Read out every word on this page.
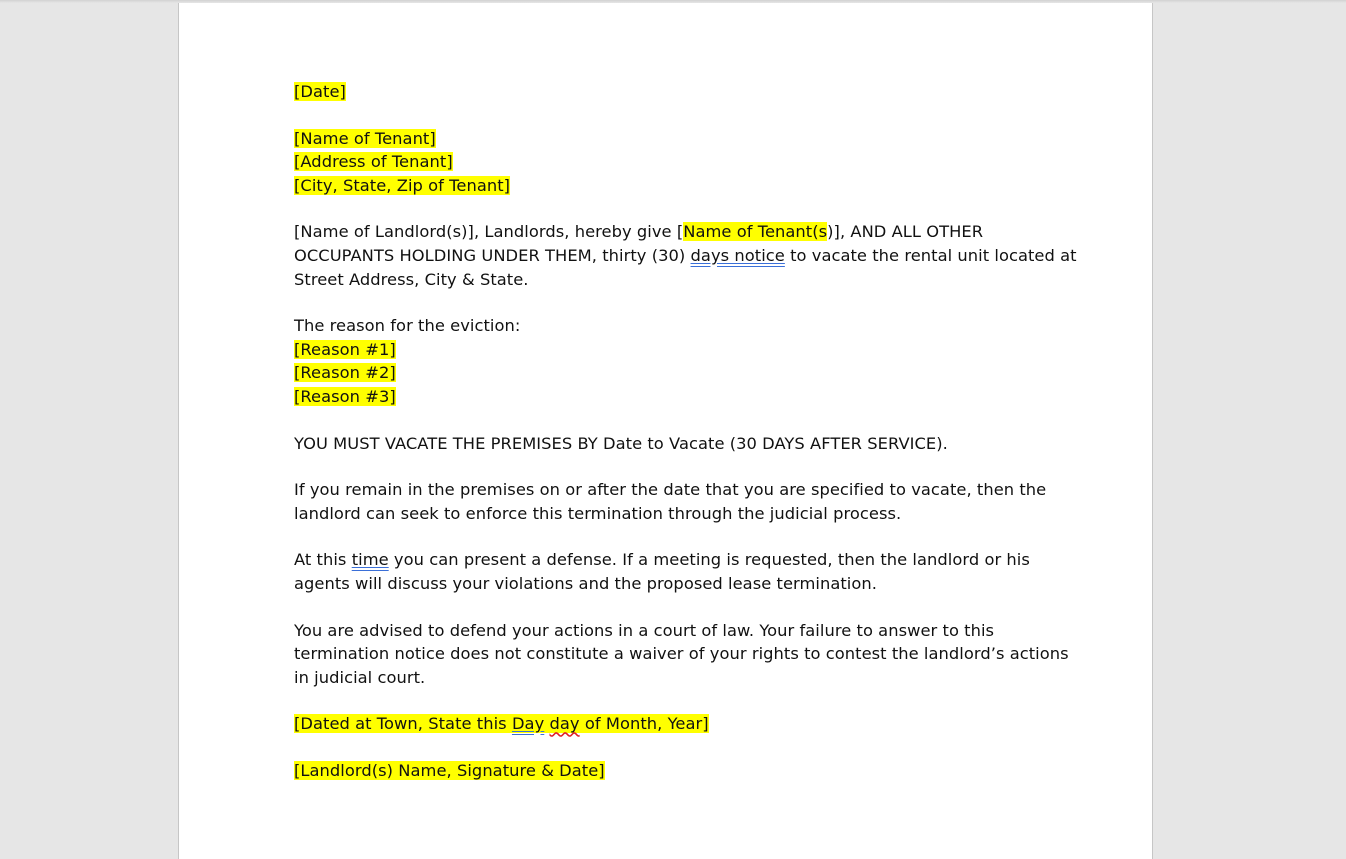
[Date]
[Name of Tenant]
[Address of Tenant]
[City, State, Zip of Tenant]
[Name of Landlord(s)], Landlords, hereby give [Name of Tenant(s)], AND ALL OTHER
OCCUPANTS HOLDING UNDER THEM, thirty (30) days notice to vacate the rental unit located at
Street Address, City & State.
The reason for the eviction:
[Reason #1]
[Reason #2]
[Reason #3]
YOU MUST VACATE THE PREMISES BY Date to Vacate (30 DAYS AFTER SERVICE).
If you remain in the premises on or after the date that you are specified to vacate, then the
landlord can seek to enforce this termination through the judicial process.
At this time you can present a defense. If a meeting is requested, then the landlord or his
agents will discuss your violations and the proposed lease termination.
You are advised to defend your actions in a court of law. Your failure to answer to this
termination notice does not constitute a waiver of your rights to contest the landlord’s actions
in judicial court.
[Dated at Town, State this Day day of Month, Year]
[Landlord(s) Name, Signature & Date]
